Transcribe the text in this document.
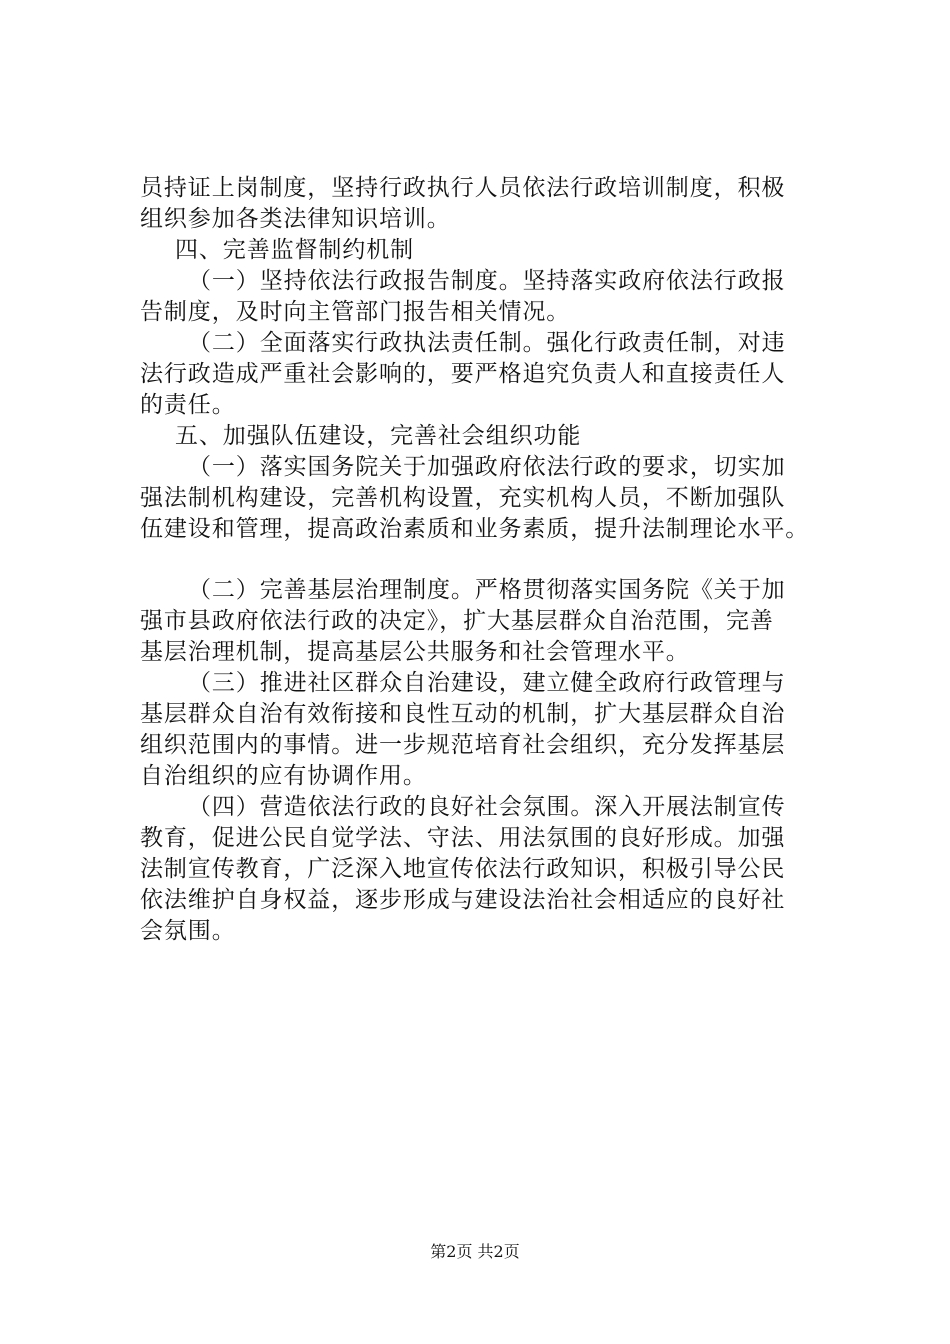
员持证上岗制度，坚持行政执行人员依法行政培训制度，积极
组织参加各类法律知识培训。
四、完善监督制约机制
（一）坚持依法行政报告制度。坚持落实政府依法行政报
告制度，及时向主管部门报告相关情况。
（二）全面落实行政执法责任制。强化行政责任制，对违
法行政造成严重社会影响的，要严格追究负责人和直接责任人
的责任。
五、加强队伍建设，完善社会组织功能
（一）落实国务院关于加强政府依法行政的要求，切实加
强法制机构建设，完善机构设置，充实机构人员，不断加强队
伍建设和管理，提高政治素质和业务素质，提升法制理论水平。
（二）完善基层治理制度。严格贯彻落实国务院《关于加
强市县政府依法行政的决定》，扩大基层群众自治范围，完善
基层治理机制，提高基层公共服务和社会管理水平。
（三）推进社区群众自治建设，建立健全政府行政管理与
基层群众自治有效衔接和良性互动的机制，扩大基层群众自治
组织范围内的事情。进一步规范培育社会组织，充分发挥基层
自治组织的应有协调作用。
（四）营造依法行政的良好社会氛围。深入开展法制宣传
教育，促进公民自觉学法、守法、用法氛围的良好形成。加强
法制宣传教育，广泛深入地宣传依法行政知识，积极引导公民
依法维护自身权益，逐步形成与建设法治社会相适应的良好社
会氛围。
第2页 共2页
